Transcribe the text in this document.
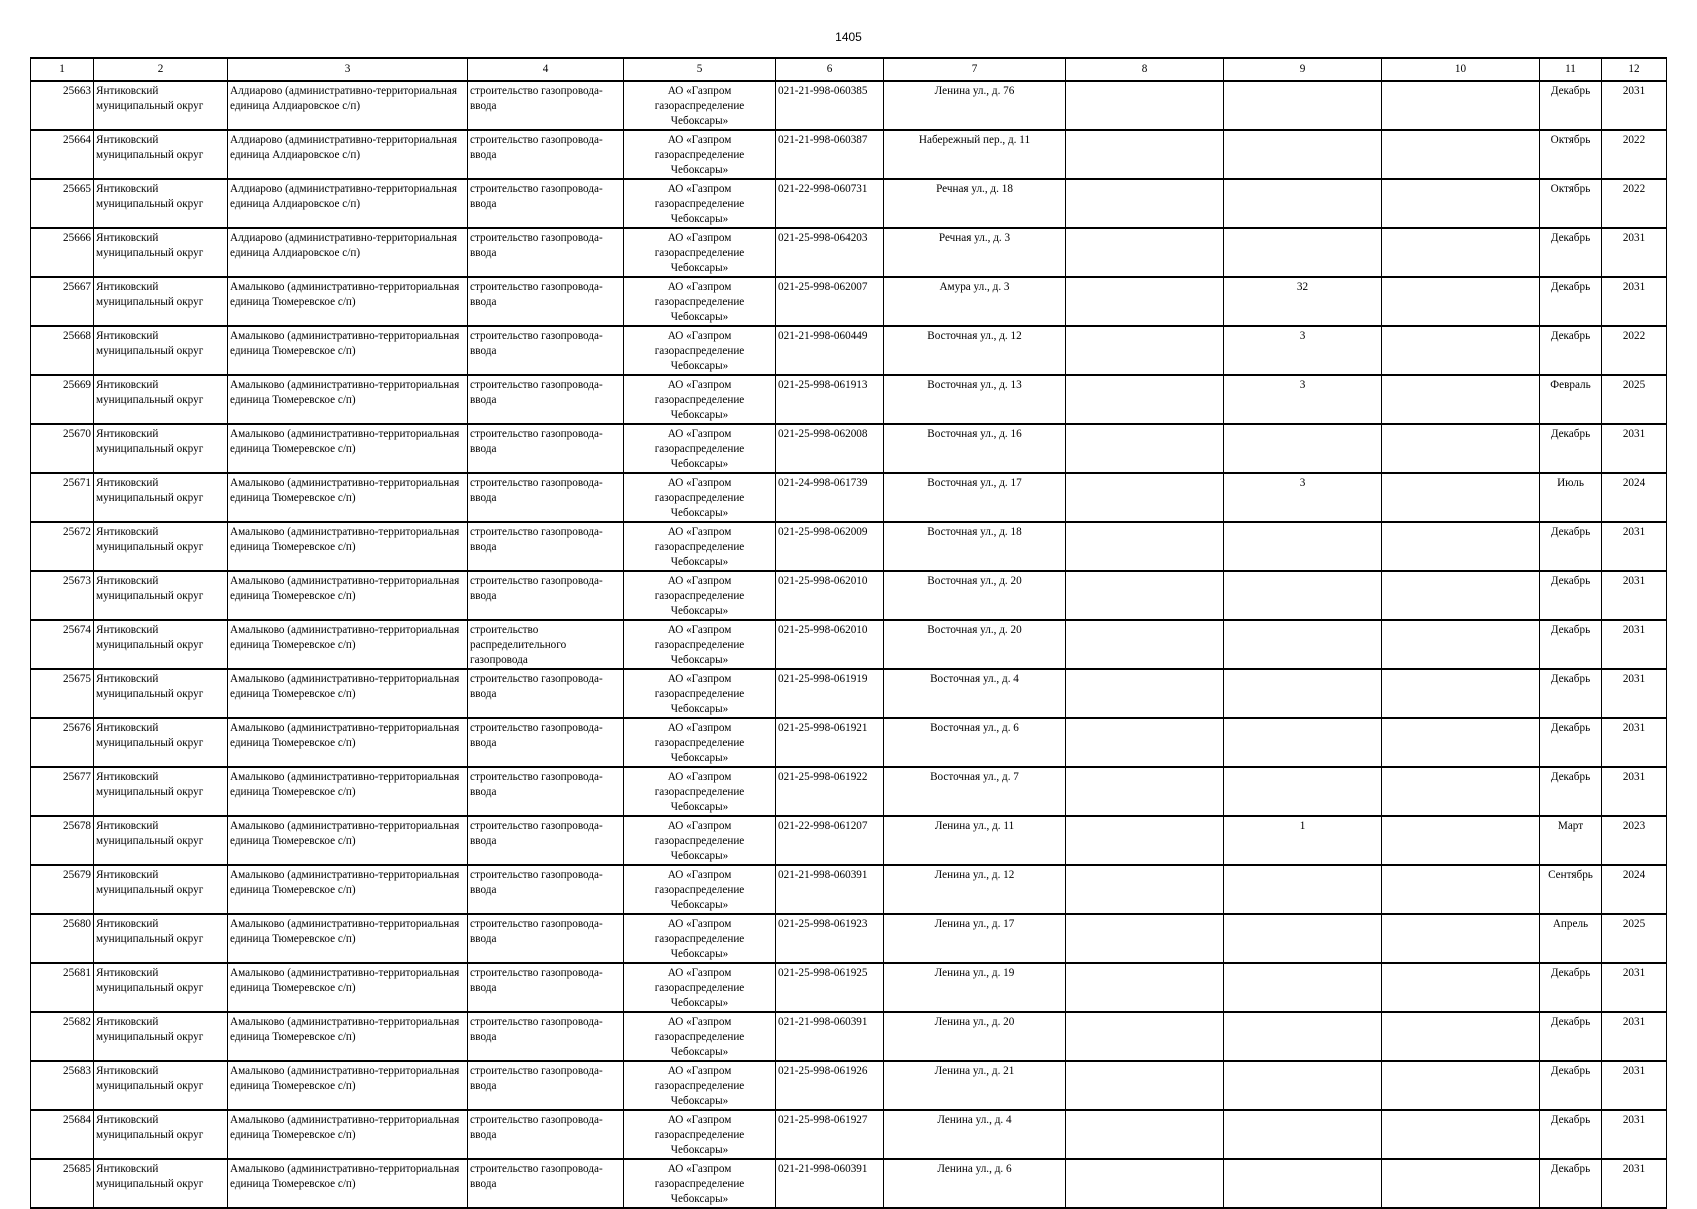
1405
1	2	3	4	5	6	7	8	9	10	11	12
25663	Янтиковский муниципальный округ	Алдиарово (административно-территориальная единица Алдиаровское с/п)	строительство газопровода-ввода	АО «Газпром газораспределение Чебоксары»	021-21-998-060385	Ленина ул., д. 76				Декабрь	2031
25664	Янтиковский муниципальный округ	Алдиарово (административно-территориальная единица Алдиаровское с/п)	строительство газопровода-ввода	АО «Газпром газораспределение Чебоксары»	021-21-998-060387	Набережный пер., д. 11				Октябрь	2022
25665	Янтиковский муниципальный округ	Алдиарово (административно-территориальная единица Алдиаровское с/п)	строительство газопровода-ввода	АО «Газпром газораспределение Чебоксары»	021-22-998-060731	Речная ул., д. 18				Октябрь	2022
25666	Янтиковский муниципальный округ	Алдиарово (административно-территориальная единица Алдиаровское с/п)	строительство газопровода-ввода	АО «Газпром газораспределение Чебоксары»	021-25-998-064203	Речная ул., д. 3				Декабрь	2031
25667	Янтиковский муниципальный округ	Амалыково (административно-территориальная единица Тюмеревское с/п)	строительство газопровода-ввода	АО «Газпром газораспределение Чебоксары»	021-25-998-062007	Амура ул., д. 3		32		Декабрь	2031
25668	Янтиковский муниципальный округ	Амалыково (административно-территориальная единица Тюмеревское с/п)	строительство газопровода-ввода	АО «Газпром газораспределение Чебоксары»	021-21-998-060449	Восточная ул., д. 12		3		Декабрь	2022
25669	Янтиковский муниципальный округ	Амалыково (административно-территориальная единица Тюмеревское с/п)	строительство газопровода-ввода	АО «Газпром газораспределение Чебоксары»	021-25-998-061913	Восточная ул., д. 13		3		Февраль	2025
25670	Янтиковский муниципальный округ	Амалыково (административно-территориальная единица Тюмеревское с/п)	строительство газопровода-ввода	АО «Газпром газораспределение Чебоксары»	021-25-998-062008	Восточная ул., д. 16				Декабрь	2031
25671	Янтиковский муниципальный округ	Амалыково (административно-территориальная единица Тюмеревское с/п)	строительство газопровода-ввода	АО «Газпром газораспределение Чебоксары»	021-24-998-061739	Восточная ул., д. 17		3		Июль	2024
25672	Янтиковский муниципальный округ	Амалыково (административно-территориальная единица Тюмеревское с/п)	строительство газопровода-ввода	АО «Газпром газораспределение Чебоксары»	021-25-998-062009	Восточная ул., д. 18				Декабрь	2031
25673	Янтиковский муниципальный округ	Амалыково (административно-территориальная единица Тюмеревское с/п)	строительство газопровода-ввода	АО «Газпром газораспределение Чебоксары»	021-25-998-062010	Восточная ул., д. 20				Декабрь	2031
25674	Янтиковский муниципальный округ	Амалыково (административно-территориальная единица Тюмеревское с/п)	строительство распределительного газопровода	АО «Газпром газораспределение Чебоксары»	021-25-998-062010	Восточная ул., д. 20				Декабрь	2031
25675	Янтиковский муниципальный округ	Амалыково (административно-территориальная единица Тюмеревское с/п)	строительство газопровода-ввода	АО «Газпром газораспределение Чебоксары»	021-25-998-061919	Восточная ул., д. 4				Декабрь	2031
25676	Янтиковский муниципальный округ	Амалыково (административно-территориальная единица Тюмеревское с/п)	строительство газопровода-ввода	АО «Газпром газораспределение Чебоксары»	021-25-998-061921	Восточная ул., д. 6				Декабрь	2031
25677	Янтиковский муниципальный округ	Амалыково (административно-территориальная единица Тюмеревское с/п)	строительство газопровода-ввода	АО «Газпром газораспределение Чебоксары»	021-25-998-061922	Восточная ул., д. 7				Декабрь	2031
25678	Янтиковский муниципальный округ	Амалыково (административно-территориальная единица Тюмеревское с/п)	строительство газопровода-ввода	АО «Газпром газораспределение Чебоксары»	021-22-998-061207	Ленина ул., д. 11		1		Март	2023
25679	Янтиковский муниципальный округ	Амалыково (административно-территориальная единица Тюмеревское с/п)	строительство газопровода-ввода	АО «Газпром газораспределение Чебоксары»	021-21-998-060391	Ленина ул., д. 12				Сентябрь	2024
25680	Янтиковский муниципальный округ	Амалыково (административно-территориальная единица Тюмеревское с/п)	строительство газопровода-ввода	АО «Газпром газораспределение Чебоксары»	021-25-998-061923	Ленина ул., д. 17				Апрель	2025
25681	Янтиковский муниципальный округ	Амалыково (административно-территориальная единица Тюмеревское с/п)	строительство газопровода-ввода	АО «Газпром газораспределение Чебоксары»	021-25-998-061925	Ленина ул., д. 19				Декабрь	2031
25682	Янтиковский муниципальный округ	Амалыково (административно-территориальная единица Тюмеревское с/п)	строительство газопровода-ввода	АО «Газпром газораспределение Чебоксары»	021-21-998-060391	Ленина ул., д. 20				Декабрь	2031
25683	Янтиковский муниципальный округ	Амалыково (административно-территориальная единица Тюмеревское с/п)	строительство газопровода-ввода	АО «Газпром газораспределение Чебоксары»	021-25-998-061926	Ленина ул., д. 21				Декабрь	2031
25684	Янтиковский муниципальный округ	Амалыково (административно-территориальная единица Тюмеревское с/п)	строительство газопровода-ввода	АО «Газпром газораспределение Чебоксары»	021-25-998-061927	Ленина ул., д. 4				Декабрь	2031
25685	Янтиковский муниципальный округ	Амалыково (административно-территориальная единица Тюмеревское с/п)	строительство газопровода-ввода	АО «Газпром газораспределение Чебоксары»	021-21-998-060391	Ленина ул., д. 6				Декабрь	2031
